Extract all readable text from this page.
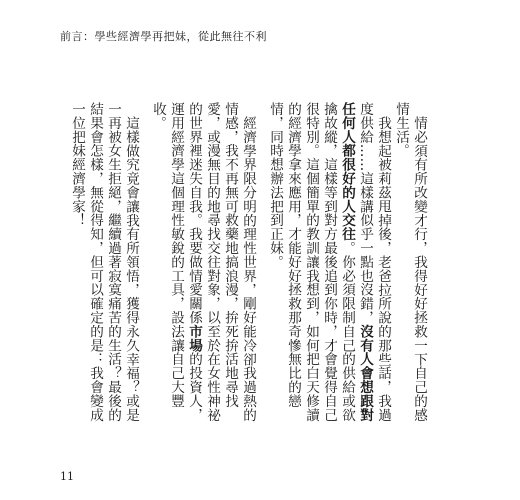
前言：學些經濟學再把妹，從此無往不利

情必須有所改變才行，我得好好拯救一下自己的感情生活。

我想起被莉茲甩掉後，老爸拉所說的那些話，我過度供給……這樣講似乎一點也沒錯，沒有人會想跟對任何人都很好的人交往。你必須限制自己的供給或欲擒故縱，這樣等到對方最後追到你時，才會覺得自己很特別。這個簡單的教訓讓我想到，如何把白天修讀的經濟學拿來應用，才能好好拯救那奇慘無比的戀情，同時想辦法把到正妹。

經濟學界限分明的理性世界，剛好能冷卻我過熱的情感，我不再無可救藥地搞浪漫，拚死拚活地尋找愛，或漫無目的地尋找交往對象，以至於在女性神祕的世界裡迷失自我。我要做情愛關係市場的投資人，運用經濟學這個理性敏銳的工具，設法讓自己大豐收。

這樣做究竟會讓我有所領悟，獲得永久幸福？或是一再被女生拒絕，繼續過著寂寞痛苦的生活？最後的結果會怎樣，無從得知，但可以確定的是：我會變成一位把妹經濟學家！

11
